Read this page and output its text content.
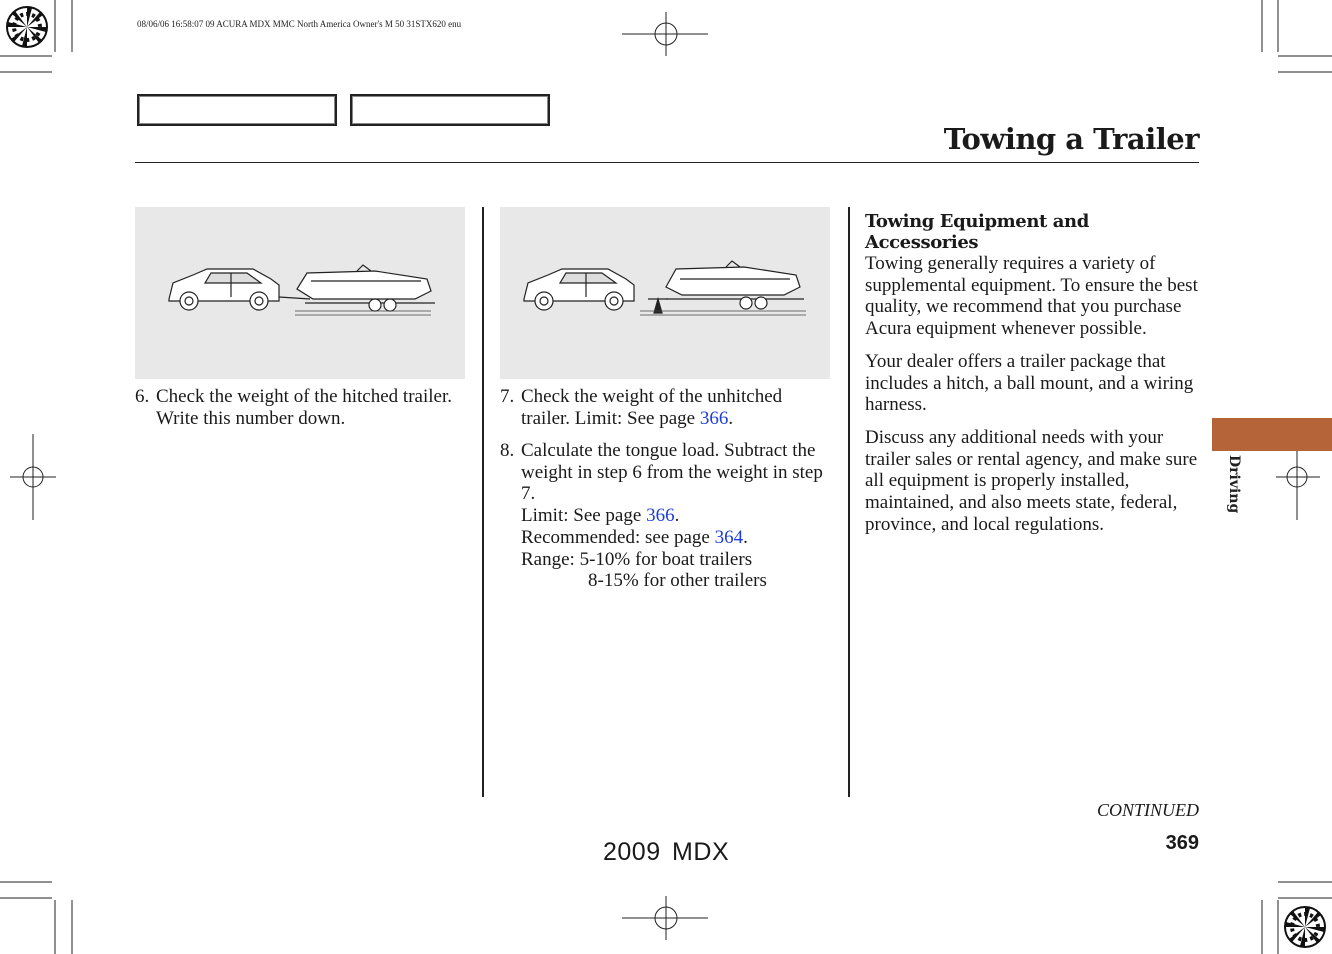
08/06/06 16:58:07 09 ACURA MDX MMC North America Owner's M 50 31STX620 enu
Towing a Trailer
6. Check the weight of the hitched trailer. Write this number down.
7. Check the weight of the unhitched trailer. Limit: See page 366.
8. Calculate the tongue load. Subtract the weight in step 6 from the weight in step 7.
Limit: See page 366.
Recommended: see page 364.
Range: 5-10% for boat trailers
8-15% for other trailers
Towing Equipment and Accessories
Towing generally requires a variety of supplemental equipment. To ensure the best quality, we recommend that you purchase Acura equipment whenever possible.
Your dealer offers a trailer package that includes a hitch, a ball mount, and a wiring harness.
Discuss any additional needs with your trailer sales or rental agency, and make sure all equipment is properly installed, maintained, and also meets state, federal, province, and local regulations.
Driving
CONTINUED
369
2009 MDX
